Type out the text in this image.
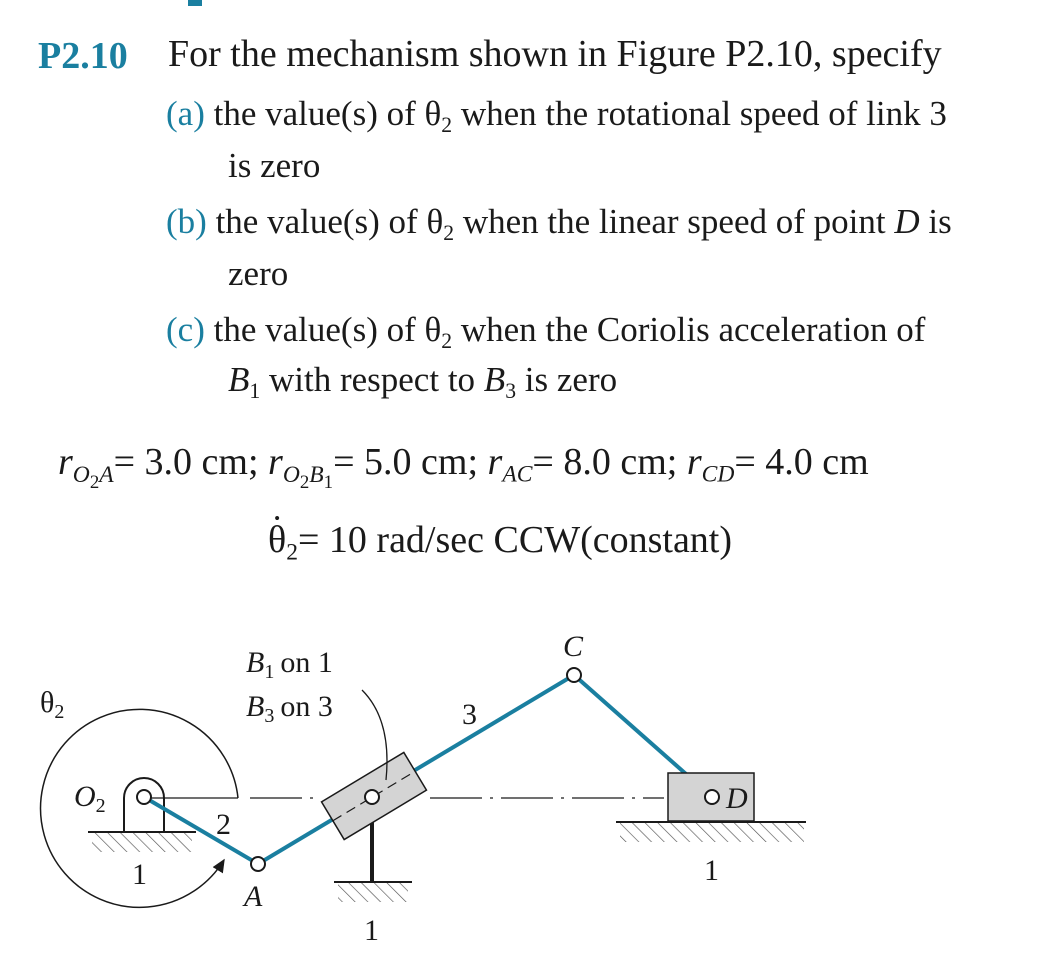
P2.10 For the mechanism shown in Figure P2.10, specify
(a) the value(s) of $\theta_2$ when the rotational speed of link 3
is zero
(b) the value(s) of $\theta_2$ when the linear speed of point D is
zero
(c) the value(s) of $\theta_2$ when the Coriolis acceleration of
$B_1$ with respect to $B_3$ is zero
$r_{O_2A}= 3.0$ cm; $r_{O_2B_1}= 5.0$ cm; $r_{AC}= 8.0$ cm; $r_{CD}= 4.0$ cm
• $\theta_2= 10$ rad/sec CCW(constant)
$\theta_2$
$O_2$
2
1
A
$B_1$ on 1
$B_3$ on 3	3
1
C
D
1
